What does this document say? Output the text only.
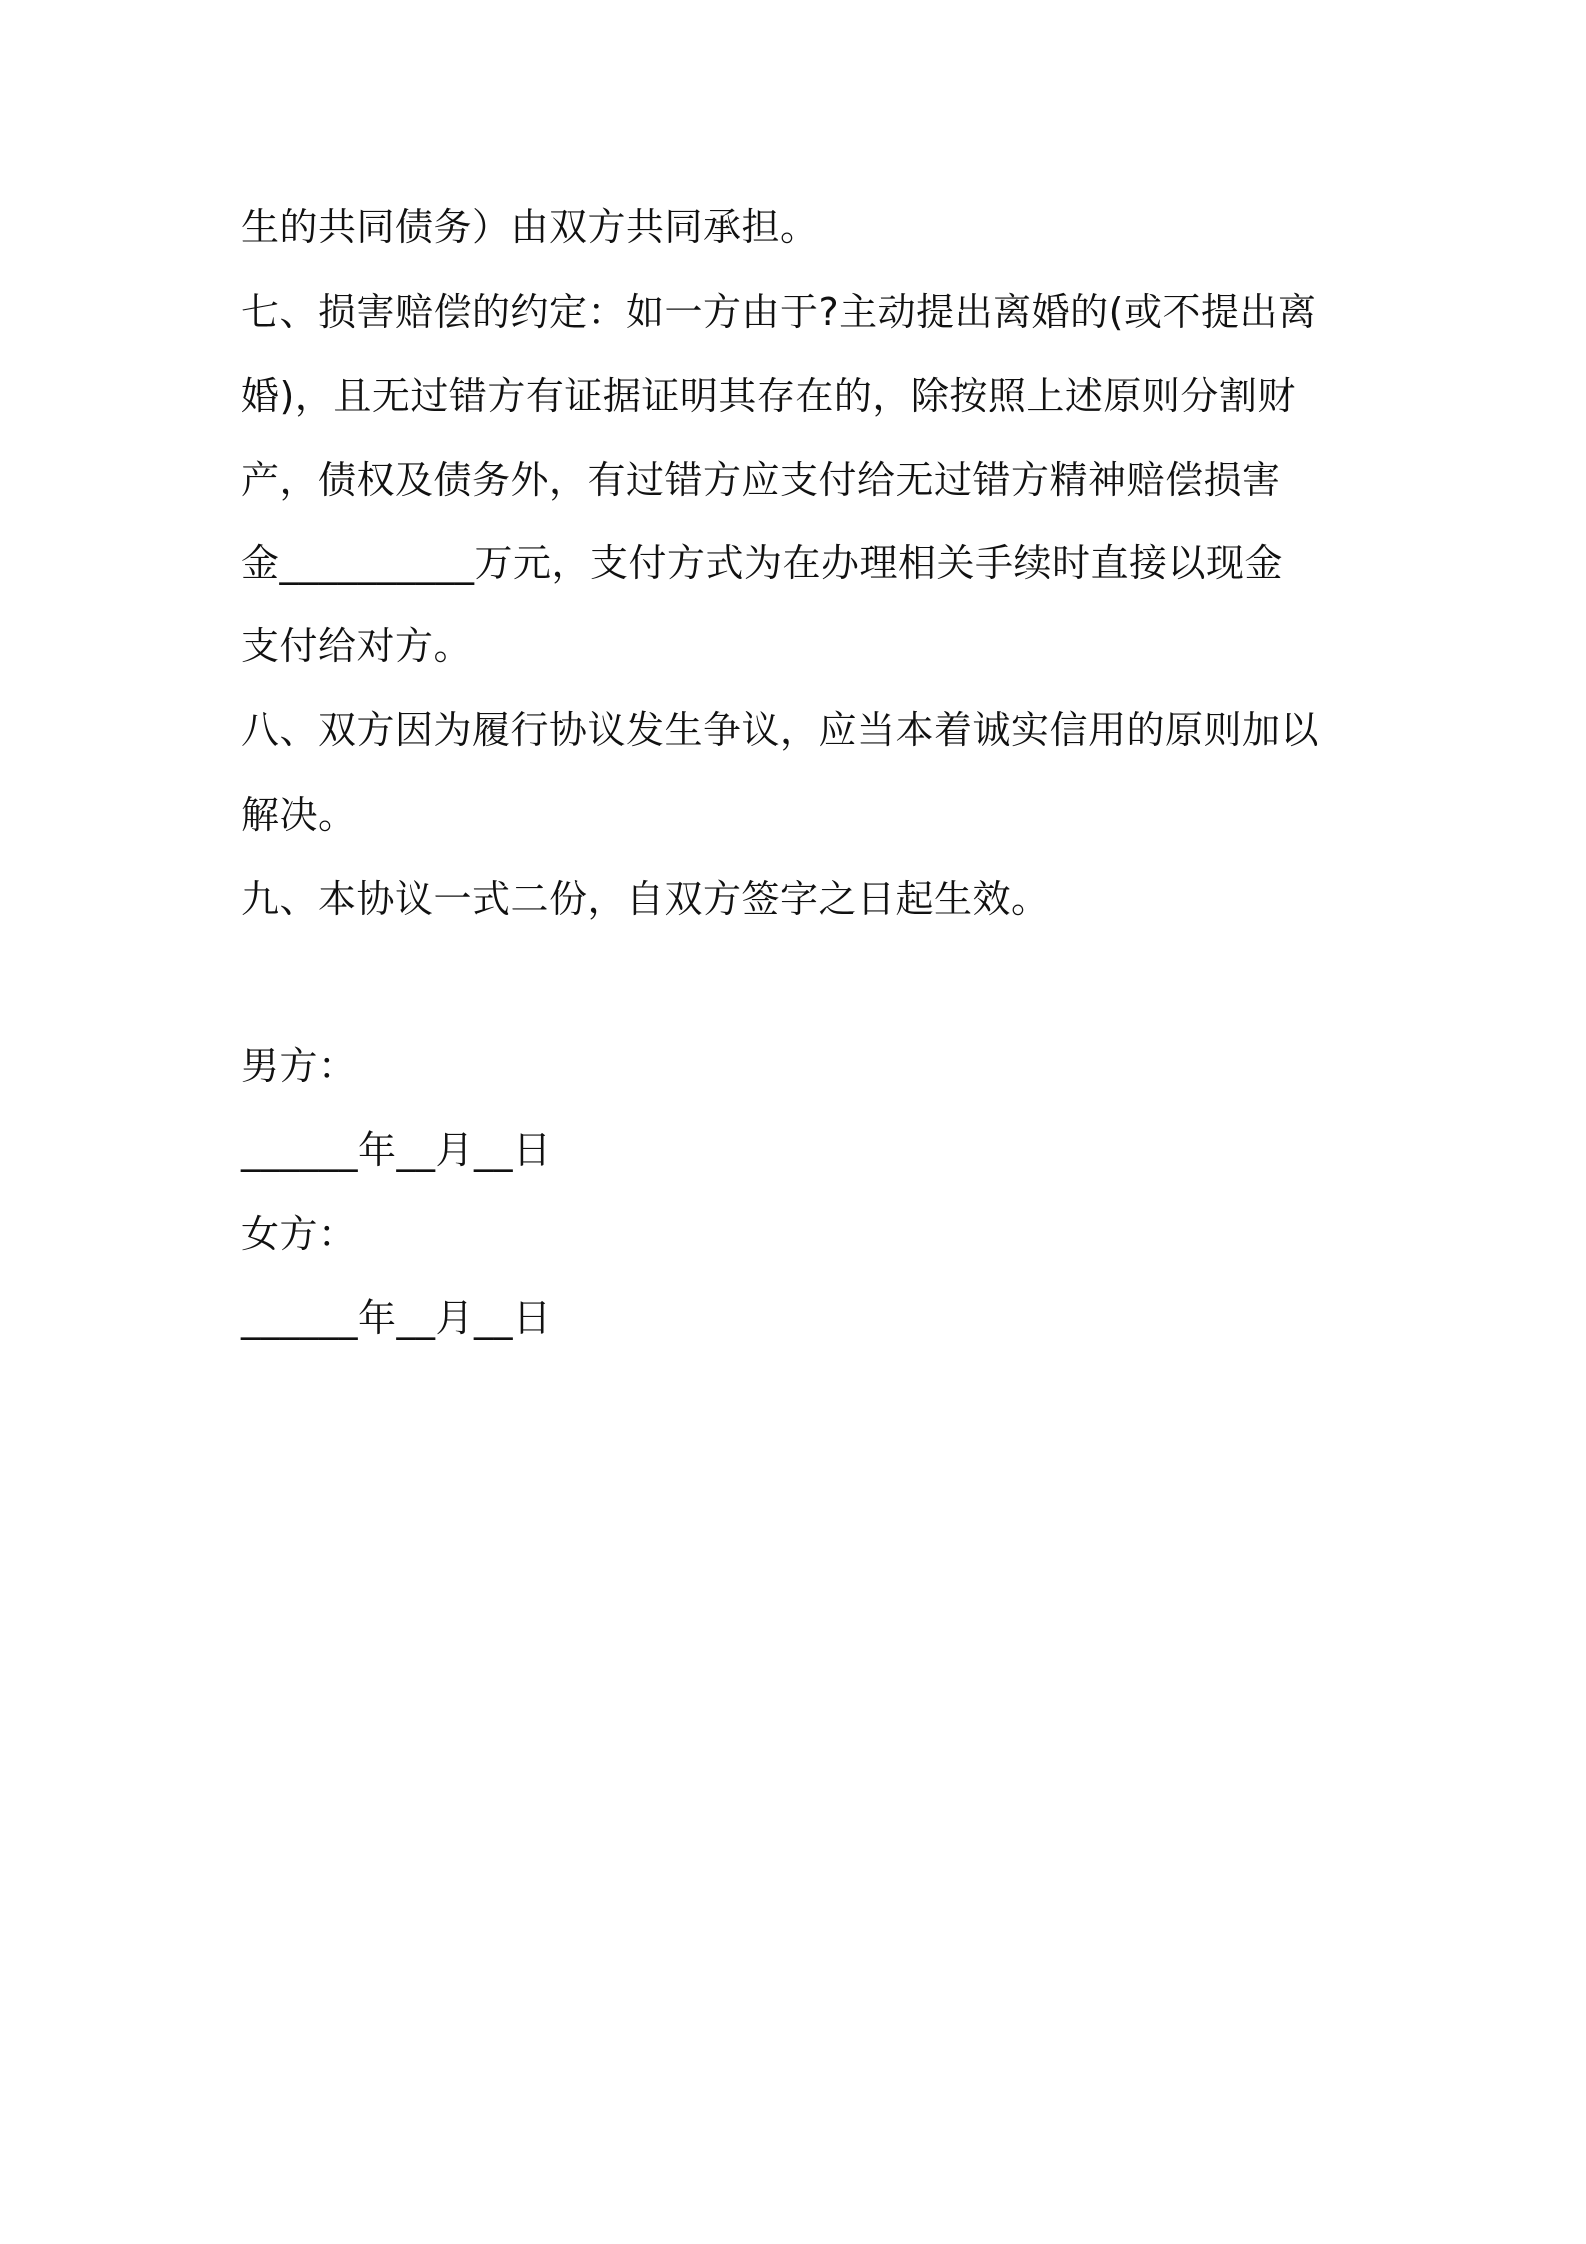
生的共同债务）由双方共同承担。
七、损害赔偿的约定：如一方由于?主动提出离婚的(或不提出离
婚)，且无过错方有证据证明其存在的，除按照上述原则分割财
产，债权及债务外，有过错方应支付给无过错方精神赔偿损害
金__________万元，支付方式为在办理相关手续时直接以现金
支付给对方。
八、双方因为履行协议发生争议，应当本着诚实信用的原则加以
解决。
九、本协议一式二份，自双方签字之日起生效。
男方：
______年__月__日
女方：
______年__月__日
